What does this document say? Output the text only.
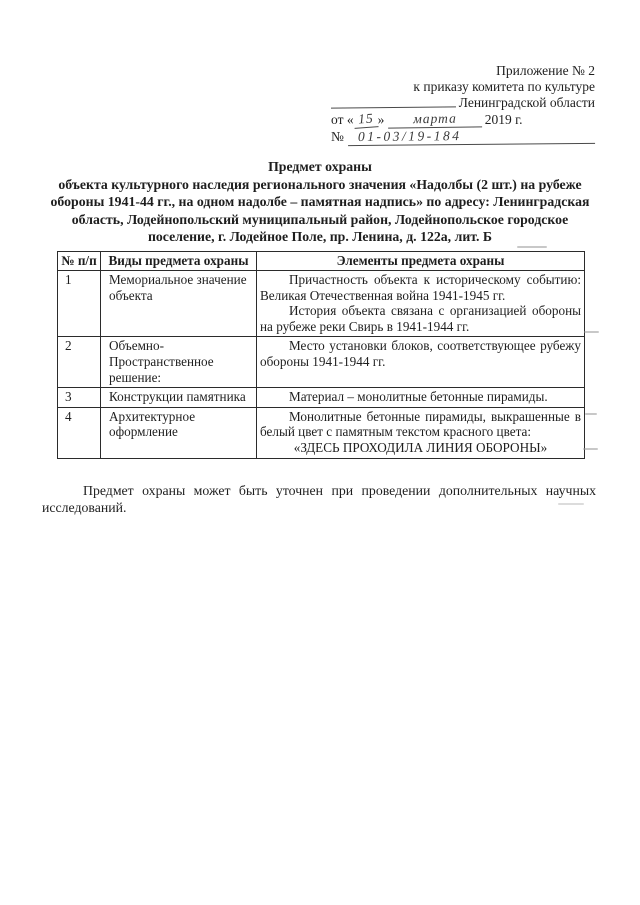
Приложение № 2
к приказу комитета по культуре
Ленинградской области
от « 15 »
	марта	2019 г.
№	01-03/19-184
Предмет охраны
объекта культурного наследия регионального значения «Надолбы (2 шт.) на рубеже обороны 1941-44 гг., на одном надолбе – памятная надпись» по адресу: Ленинградская область, Лодейнопольский муниципальный район, Лодейнопольское городское поселение, г. Лодейное Поле, пр. Ленина, д. 122а, лит. Б
№ п/п	Виды предмета охраны	Элементы предмета охраны
1	Мемориальное значение объекта	Причастность объекта к историческому событию: Великая Отечественная война 1941-1945 гг.

История объекта связана с организацией обороны на рубеже реки Свирь в 1941-1944 гг.

2	Объемно-Пространственное решение:	Место установки блоков, соответствующее рубежу обороны 1941-1944 гг.

3	Конструкции памятника	Материал – монолитные бетонные пирамиды.

4	Архитектурное оформление	Монолитные бетонные пирамиды, выкрашенные в белый цвет с памятным текстом красного цвета:

«ЗДЕСЬ ПРОХОДИЛА ЛИНИЯ ОБОРОНЫ»

Предмет охраны может быть уточнен при проведении дополнительных научных исследований.
